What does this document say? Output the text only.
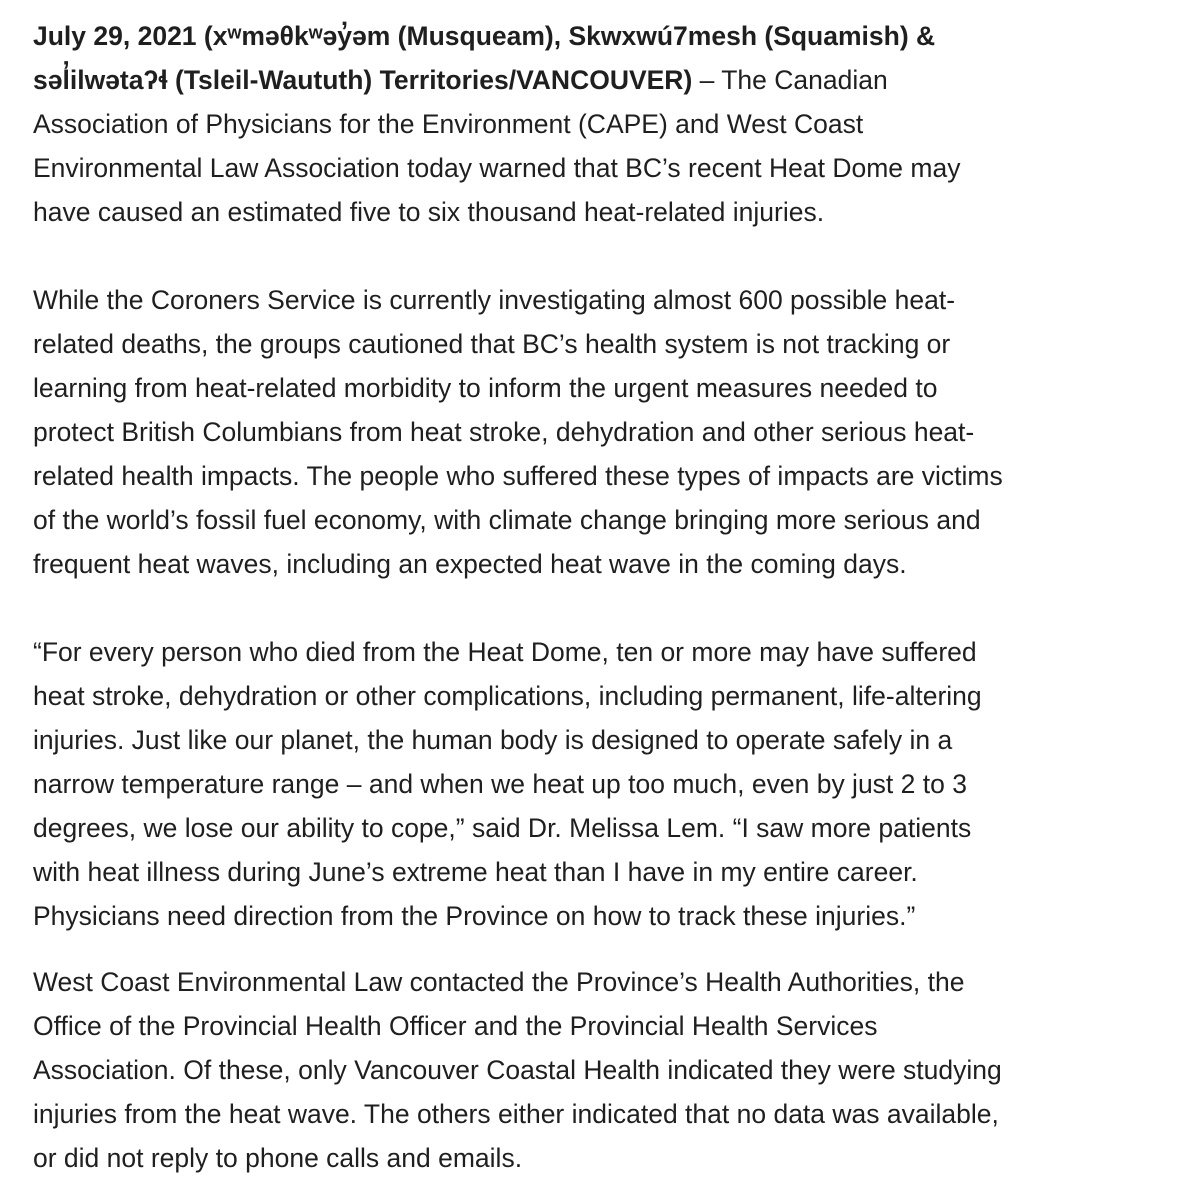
July 29, 2021 (xʷməθkʷəy̓əm (Musqueam), Skwxwú7mesh (Squamish) &
səl̓ilwətaʔɬ (Tsleil-Waututh) Territories/VANCOUVER) – The Canadian
Association of Physicians for the Environment (CAPE) and West Coast
Environmental Law Association today warned that BC’s recent Heat Dome may
have caused an estimated five to six thousand heat-related injuries.

While the Coroners Service is currently investigating almost 600 possible heat-
related deaths, the groups cautioned that BC’s health system is not tracking or
learning from heat-related morbidity to inform the urgent measures needed to
protect British Columbians from heat stroke, dehydration and other serious heat-
related health impacts. The people who suffered these types of impacts are victims
of the world’s fossil fuel economy, with climate change bringing more serious and
frequent heat waves, including an expected heat wave in the coming days.

“For every person who died from the Heat Dome, ten or more may have suffered
heat stroke, dehydration or other complications, including permanent, life-altering
injuries. Just like our planet, the human body is designed to operate safely in a
narrow temperature range – and when we heat up too much, even by just 2 to 3
degrees, we lose our ability to cope,” said Dr. Melissa Lem. “I saw more patients
with heat illness during June’s extreme heat than I have in my entire career.
Physicians need direction from the Province on how to track these injuries.”

West Coast Environmental Law contacted the Province’s Health Authorities, the
Office of the Provincial Health Officer and the Provincial Health Services
Association. Of these, only Vancouver Coastal Health indicated they were studying
injuries from the heat wave. The others either indicated that no data was available,
or did not reply to phone calls and emails.
